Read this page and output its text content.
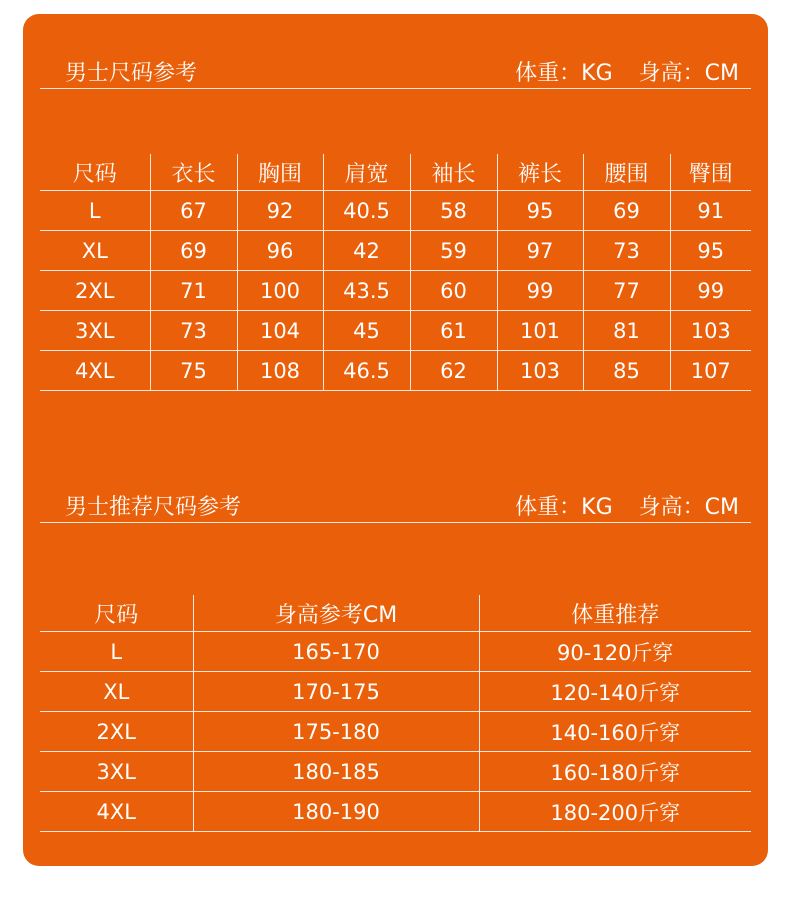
男士尺码参考	体重：KG 身高：CM
尺码	衣长	胸围	肩宽	袖长	裤长	腰围	臀围
L	67	92	40.5	58	95	69	91
XL	69	96	42	59	97	73	95
2XL	71	100	43.5	60	99	77	99
3XL	73	104	45	61	101	81	103
4XL	75	108	46.5	62	103	85	107
男士推荐尺码参考	体重：KG 身高：CM
尺码	身高参考CM	体重推荐
L	165-170	90-120斤穿
XL	170-175	120-140斤穿
2XL	175-180	140-160斤穿
3XL	180-185	160-180斤穿
4XL	180-190	180-200斤穿
